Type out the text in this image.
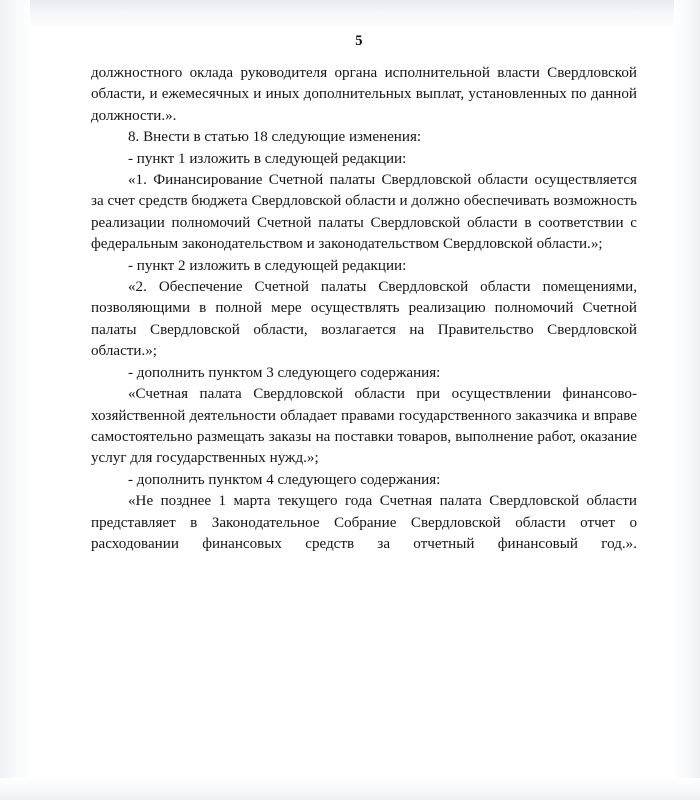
5

должностного оклада руководителя органа исполнительной власти Свердловской области, и ежемесячных и иных дополнительных выплат, установленных по данной должности.».

8. Внести в статью 18 следующие изменения:

- пункт 1 изложить в следующей редакции:

«1. Финансирование Счетной палаты Свердловской области осуществляется за счет средств бюджета Свердловской области и должно обеспечивать возможность реализации полномочий Счетной палаты Свердловской области в соответствии с федеральным законодательством и законодательством Свердловской области.»;

- пункт 2 изложить в следующей редакции:

«2. Обеспечение Счетной палаты Свердловской области помещениями, позволяющими в полной мере осуществлять реализацию полномочий Счетной палаты Свердловской области, возлагается на Правительство Свердловской области.»;

- дополнить пунктом 3 следующего содержания:

«Счетная палата Свердловской области при осуществлении финансово-хозяйственной деятельности обладает правами государственного заказчика и вправе самостоятельно размещать заказы на поставки товаров, выполнение работ, оказание услуг для государственных нужд.»;

- дополнить пунктом 4 следующего содержания:

«Не позднее 1 марта текущего года Счетная палата Свердловской области представляет в Законодательное Собрание Свердловской области отчет о расходовании финансовых средств за отчетный финансовый год.».
